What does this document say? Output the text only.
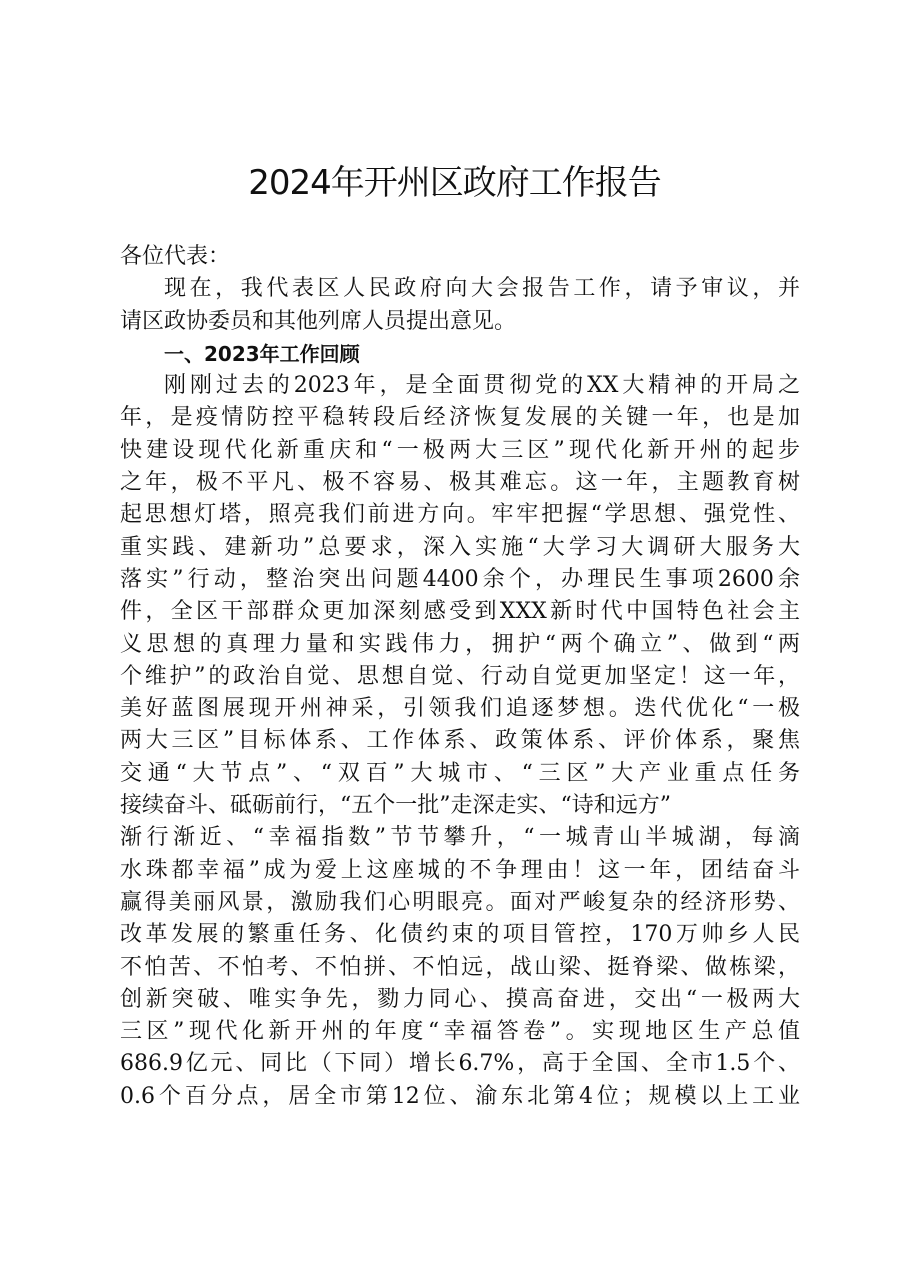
2024年开州区政府工作报告
各位代表：
现在，我代表区人民政府向大会报告工作，请予审议，并
请区政协委员和其他列席人员提出意见。
一、2023年工作回顾
刚刚过去的2023年，是全面贯彻党的XX大精神的开局之
年，是疫情防控平稳转段后经济恢复发展的关键一年，也是加
快建设现代化新重庆和“一极两大三区”现代化新开州的起步
之年，极不平凡、极不容易、极其难忘。这一年，主题教育树
起思想灯塔，照亮我们前进方向。牢牢把握“学思想、强党性、
重实践、建新功”总要求，深入实施“大学习大调研大服务大
落实”行动，整治突出问题4400余个，办理民生事项2600余
件，全区干部群众更加深刻感受到XXX新时代中国特色社会主
义思想的真理力量和实践伟力，拥护“两个确立”、做到“两
个维护”的政治自觉、思想自觉、行动自觉更加坚定！这一年，
美好蓝图展现开州神采，引领我们追逐梦想。迭代优化“一极
两大三区”目标体系、工作体系、政策体系、评价体系，聚焦
交通“大节点”、“双百”大城市、“三区”大产业重点任务
接续奋斗、砥砺前行，“五个一批”走深走实、“诗和远方”
渐行渐近、“幸福指数”节节攀升，“一城青山半城湖，每滴
水珠都幸福”成为爱上这座城的不争理由！这一年，团结奋斗
赢得美丽风景，激励我们心明眼亮。面对严峻复杂的经济形势、
改革发展的繁重任务、化债约束的项目管控，170万帅乡人民
不怕苦、不怕考、不怕拼、不怕远，战山梁、挺脊梁、做栋梁，
创新突破、唯实争先，勠力同心、摸高奋进，交出“一极两大
三区”现代化新开州的年度“幸福答卷”。实现地区生产总值
686.9亿元、同比（下同）增长6.7%，高于全国、全市1.5个、
0.6个百分点，居全市第12位、渝东北第4位；规模以上工业
